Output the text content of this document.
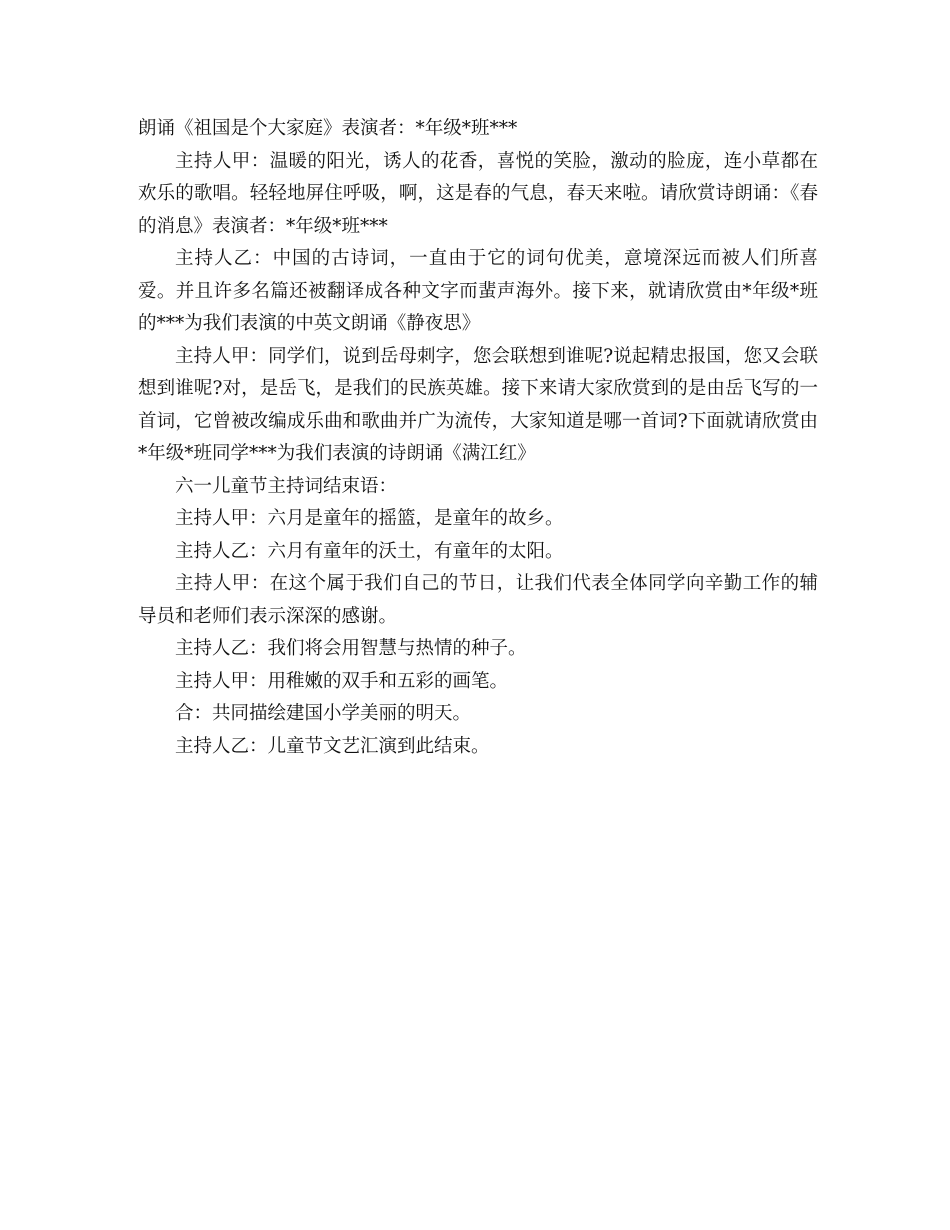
朗诵《祖国是个大家庭》表演者：*年级*班***

主持人甲：温暖的阳光，诱人的花香，喜悦的笑脸，激动的脸庞，连小草都在欢乐的歌唱。轻轻地屏住呼吸，啊，这是春的气息，春天来啦。请欣赏诗朗诵：《春的消息》表演者：*年级*班***

主持人乙：中国的古诗词，一直由于它的词句优美，意境深远而被人们所喜爱。并且许多名篇还被翻译成各种文字而蜚声海外。接下来，就请欣赏由*年级*班的***为我们表演的中英文朗诵《静夜思》

主持人甲：同学们，说到岳母刺字，您会联想到谁呢?说起精忠报国，您又会联想到谁呢?对，是岳飞，是我们的民族英雄。接下来请大家欣赏到的是由岳飞写的一首词，它曾被改编成乐曲和歌曲并广为流传，大家知道是哪一首词?下面就请欣赏由*年级*班同学***为我们表演的诗朗诵《满江红》

六一儿童节主持词结束语：

主持人甲：六月是童年的摇篮，是童年的故乡。

主持人乙：六月有童年的沃土，有童年的太阳。

主持人甲：在这个属于我们自己的节日，让我们代表全体同学向辛勤工作的辅导员和老师们表示深深的感谢。

主持人乙：我们将会用智慧与热情的种子。

主持人甲：用稚嫩的双手和五彩的画笔。

合：共同描绘建国小学美丽的明天。

主持人乙：儿童节文艺汇演到此结束。
